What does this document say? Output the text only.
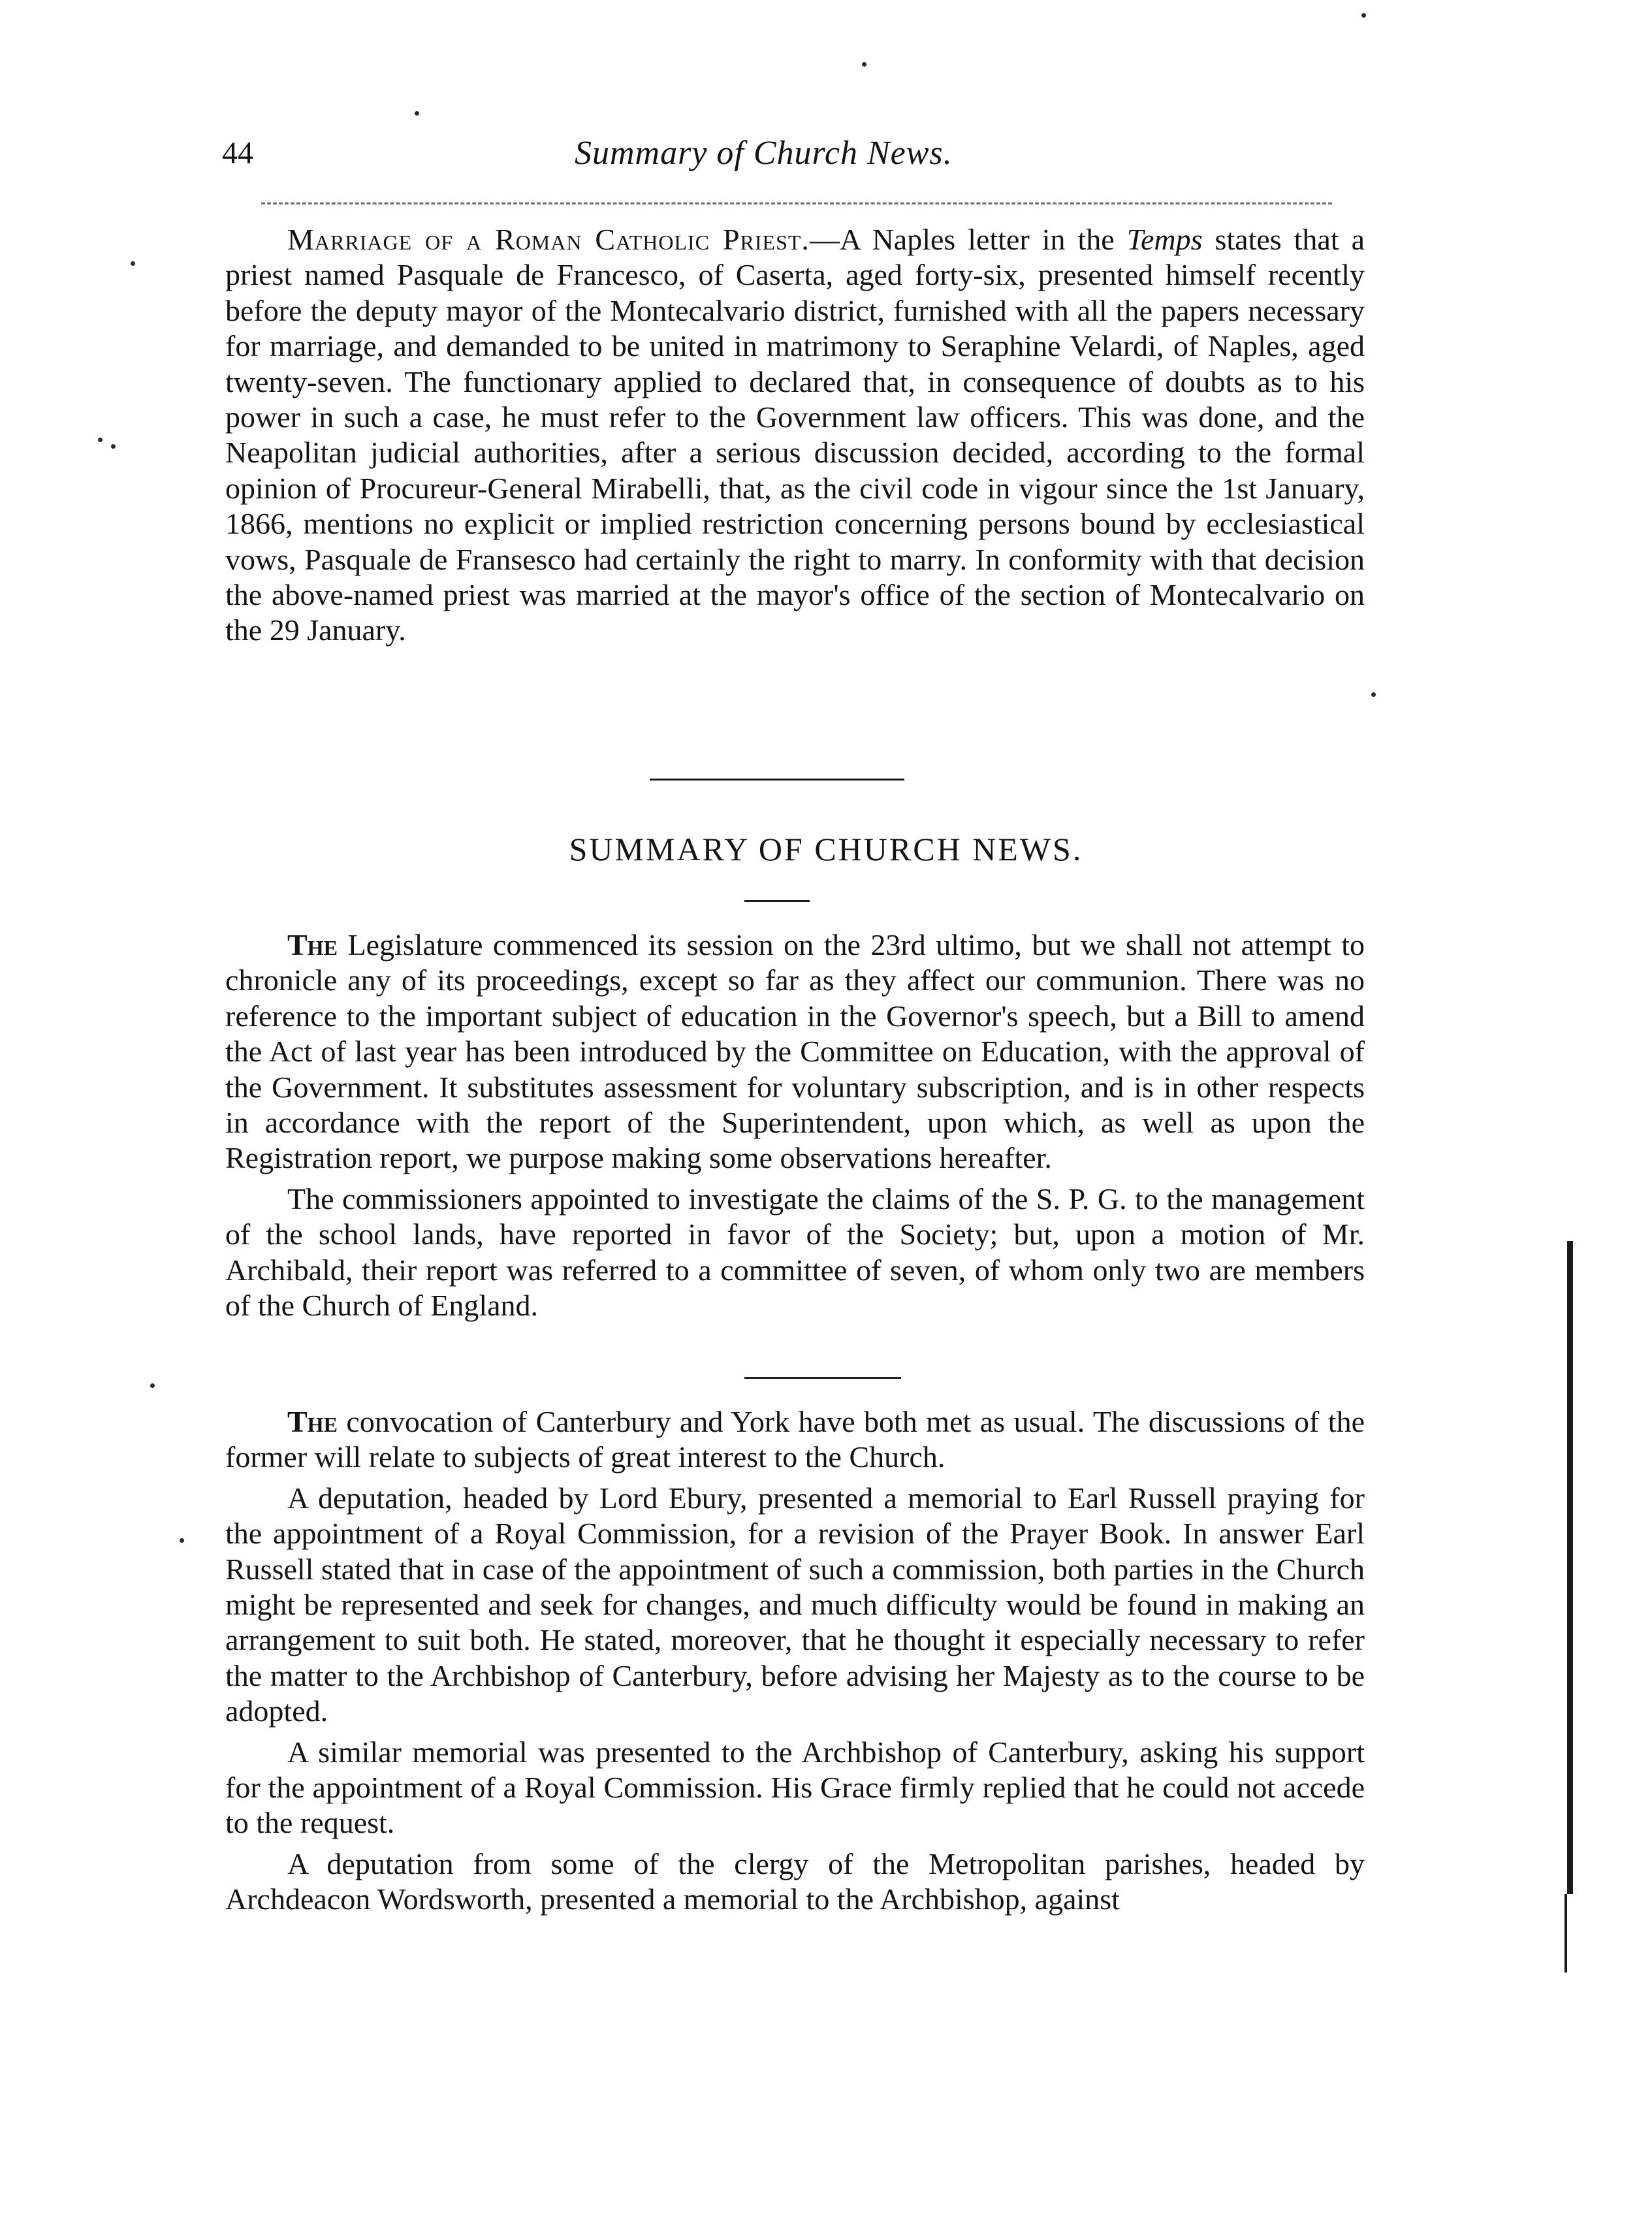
44	Summary of Church News.

Marriage of a Roman Catholic Priest.—A Naples letter in the Temps states that a priest named Pasquale de Francesco, of Caserta, aged forty-six, presented himself recently before the deputy mayor of the Montecalvario district, furnished with all the papers necessary for marriage, and demanded to be united in matrimony to Seraphine Velardi, of Naples, aged twenty-seven. The functionary applied to declared that, in consequence of doubts as to his power in such a case, he must refer to the Government law officers. This was done, and the Neapolitan judicial authorities, after a serious discussion decided, according to the formal opinion of Procureur-General Mirabelli, that, as the civil code in vigour since the 1st January, 1866, mentions no explicit or implied restriction concerning persons bound by ecclesiastical vows, Pasquale de Fransesco had certainly the right to marry. In conformity with that decision the above-named priest was married at the mayor's office of the section of Montecalvario on the 29 January.

SUMMARY OF CHURCH NEWS.

The Legislature commenced its session on the 23rd ultimo, but we shall not attempt to chronicle any of its proceedings, except so far as they affect our communion. There was no reference to the important subject of education in the Governor's speech, but a Bill to amend the Act of last year has been introduced by the Committee on Education, with the approval of the Government. It substitutes assessment for voluntary subscription, and is in other respects in accordance with the report of the Superintendent, upon which, as well as upon the Registration report, we purpose making some observations hereafter.

The commissioners appointed to investigate the claims of the S. P. G. to the management of the school lands, have reported in favor of the Society; but, upon a motion of Mr. Archibald, their report was referred to a committee of seven, of whom only two are members of the Church of England.

The convocation of Canterbury and York have both met as usual. The discussions of the former will relate to subjects of great interest to the Church.

A deputation, headed by Lord Ebury, presented a memorial to Earl Russell praying for the appointment of a Royal Commission, for a revision of the Prayer Book. In answer Earl Russell stated that in case of the appointment of such a commission, both parties in the Church might be represented and seek for changes, and much difficulty would be found in making an arrangement to suit both. He stated, moreover, that he thought it especially necessary to refer the matter to the Archbishop of Canterbury, before advising her Majesty as to the course to be adopted.

A similar memorial was presented to the Archbishop of Canterbury, asking his support for the appointment of a Royal Commission. His Grace firmly replied that he could not accede to the request.

A deputation from some of the clergy of the Metropolitan parishes, headed by Archdeacon Wordsworth, presented a memorial to the Archbishop, against
